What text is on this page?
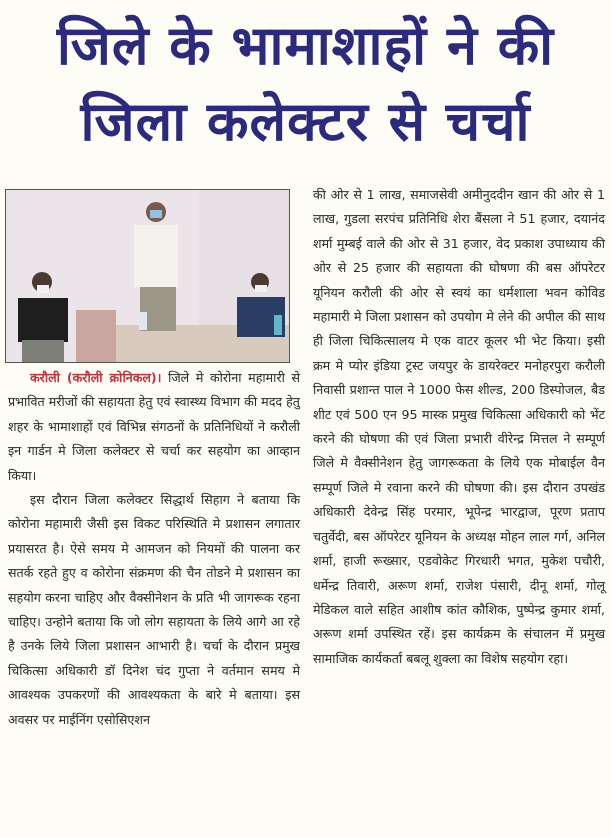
जिले के भामाशाहों ने की
जिला कलेक्टर से चर्चा

करौली (करौली क्रोनिकल)। जिले मे कोरोना महामारी से प्रभावित मरीजों की सहायता हेतु एवं स्वास्थ्य विभाग की मदद हेतु शहर के भामाशाहों एवं विभिन्न संगठनों के प्रतिनिधियों ने करौली इन गार्डन मे जिला कलेक्टर से चर्चा कर सहयोग का आव्हान किया।

इस दौरान जिला कलेक्टर सिद्धार्थ सिहाग ने बताया कि कोरोना महामारी जैसी इस विकट परिस्थिति मे प्रशासन लगातार प्रयासरत है। ऐसे समय मे आमजन को नियमों की पालना कर सतर्क रहते हुए व कोरोना संक्रमण की चैन तोडने मे प्रशासन का सहयोग करना चाहिए और वैक्सीनेशन के प्रति भी जागरूक रहना चाहिए। उन्होने बताया कि जो लोग सहायता के लिये आगे आ रहे है उनके लिये जिला प्रशासन आभारी है। चर्चा के दौरान प्रमुख चिकित्सा अधिकारी डॉ दिनेश चंद गुप्ता ने वर्तमान समय मे आवश्यक उपकरणों की आवश्यकता के बारे मे बताया। इस अवसर पर माईनिंग एसोसिएशन

की ओर से 1 लाख, समाजसेवी अमीनुददीन खान की ओर से 1 लाख, गुडला सरपंच प्रतिनिधि शेरा बैंसला ने 51 हजार, दयानंद शर्मा मुम्बई वाले की ओर से 31 हजार, वेद प्रकाश उपाध्याय की ओर से 25 हजार की सहायता की घोषणा की बस ऑपरेटर यूनियन करौली की ओर से स्वयं का धर्मशाला भवन कोविड महामारी मे जिला प्रशासन को उपयोग मे लेने की अपील की साथ ही जिला चिकित्सालय मे एक वाटर कूलर भी भेट किया। इसी क्रम मे प्योर इंडिया ट्रस्ट जयपुर के डायरेक्टर मनोहरपुरा करौली निवासी प्रशान्त पाल ने 1000 फेस शील्ड, 200 डिस्पोजल, बैड शीट एवं 500 एन 95 मास्क प्रमुख चिकित्सा अधिकारी को भेंट करने की घोषणा की एवं जिला प्रभारी वीरेन्द्र मित्तल ने सम्पूर्ण जिले मे वैक्सीनेशन हेतु जागरूकता के लिये एक मोबाईल वैन सम्पूर्ण जिले मे रवाना करने की घोषणा की। इस दौरान उपखंड अधिकारी देवेन्द्र सिंह परमार, भूपेन्द्र भारद्वाज, पूरण प्रताप चतुर्वेदी, बस ऑपरेटर यूनियन के अध्यक्ष मोहन लाल गर्ग, अनिल शर्मा, हाजी रूख्सार, एडवोकेट गिरधारी भगत, मुकेश पचौरी, धर्मेन्द्र तिवारी, अरूण शर्मा, राजेश पंसारी, दीनू शर्मा, गोलू मेडिकल वाले सहित आशीष कांत कौशिक, पुष्पेन्द्र कुमार शर्मा, अरूण शर्मा उपस्थित रहें। इस कार्यक्रम के संचालन में प्रमुख सामाजिक कार्यकर्ता बबलू शुक्ला का विशेष सहयोग रहा।
